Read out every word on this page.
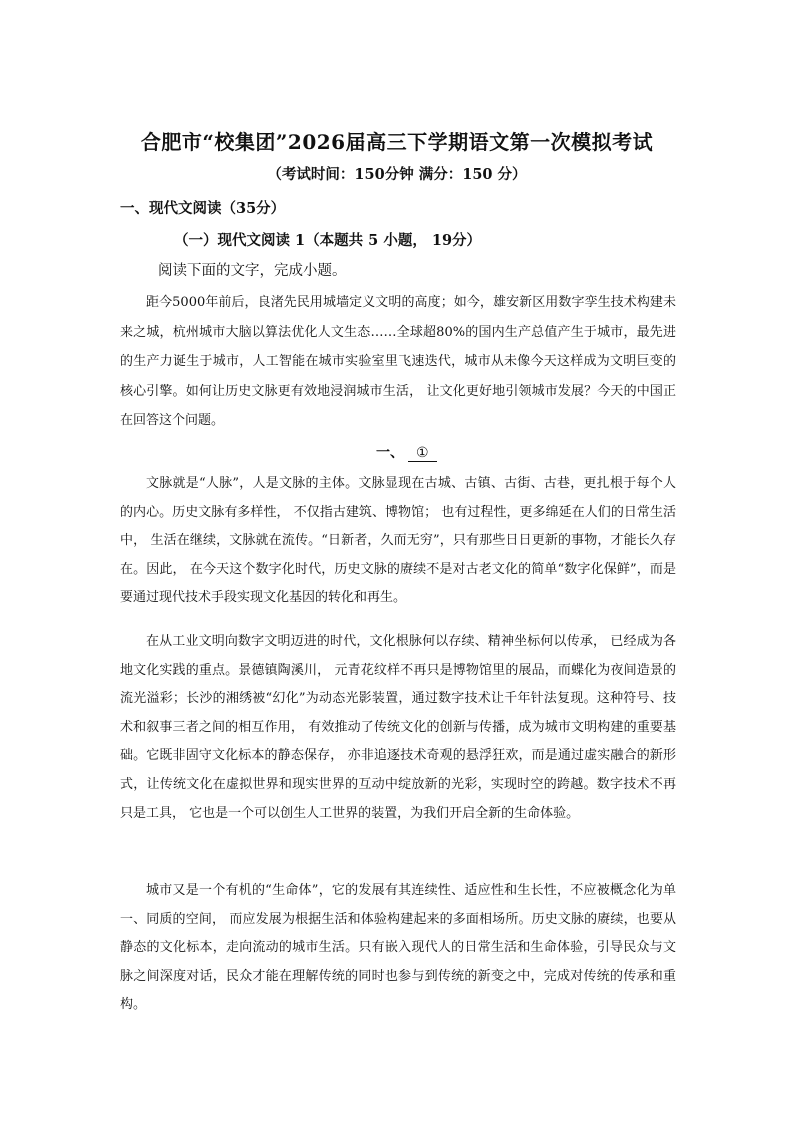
合肥市“校集团”2026届高三下学期语文第一次模拟考试
（考试时间：150分钟 满分：150 分）
一、现代文阅读（35分）
（一）现代文阅读 1（本题共 5 小题， 19分）
阅读下面的文字，完成小题。

距今5000年前后，良渚先民用城墙定义文明的高度；如今，雄安新区用数字孪生技术构建未来之城，杭州城市大脑以算法优化人文生态……全球超80%的国内生产总值产生于城市，最先进的生产力诞生于城市，人工智能在城市实验室里飞速迭代，城市从未像今天这样成为文明巨变的核心引擎。如何让历史文脉更有效地浸润城市生活， 让文化更好地引领城市发展？今天的中国正在回答这个问题。

一、 ①

文脉就是“人脉”，人是文脉的主体。文脉显现在古城、古镇、古街、古巷，更扎根于每个人的内心。历史文脉有多样性， 不仅指古建筑、博物馆； 也有过程性，更多绵延在人们的日常生活中， 生活在继续，文脉就在流传。“日新者，久而无穷”，只有那些日日更新的事物，才能长久存在。因此， 在今天这个数字化时代，历史文脉的赓续不是对古老文化的简单“数字化保鲜”，而是要通过现代技术手段实现文化基因的转化和再生。

在从工业文明向数字文明迈进的时代，文化根脉何以存续、精神坐标何以传承， 已经成为各地文化实践的重点。景德镇陶溪川， 元青花纹样不再只是博物馆里的展品，而蝶化为夜间造景的流光溢彩；长沙的湘绣被“幻化”为动态光影装置，通过数字技术让千年针法复现。这种符号、技术和叙事三者之间的相互作用， 有效推动了传统文化的创新与传播，成为城市文明构建的重要基础。它既非固守文化标本的静态保存， 亦非追逐技术奇观的悬浮狂欢，而是通过虚实融合的新形式，让传统文化在虚拟世界和现实世界的互动中绽放新的光彩，实现时空的跨越。数字技术不再只是工具， 它也是一个可以创生人工世界的装置，为我们开启全新的生命体验。

城市又是一个有机的“生命体”，它的发展有其连续性、适应性和生长性，不应被概念化为单一、同质的空间， 而应发展为根据生活和体验构建起来的多面相场所。历史文脉的赓续，也要从静态的文化标本，走向流动的城市生活。只有嵌入现代人的日常生活和生命体验，引导民众与文脉之间深度对话，民众才能在理解传统的同时也参与到传统的新变之中，完成对传统的传承和重构。
